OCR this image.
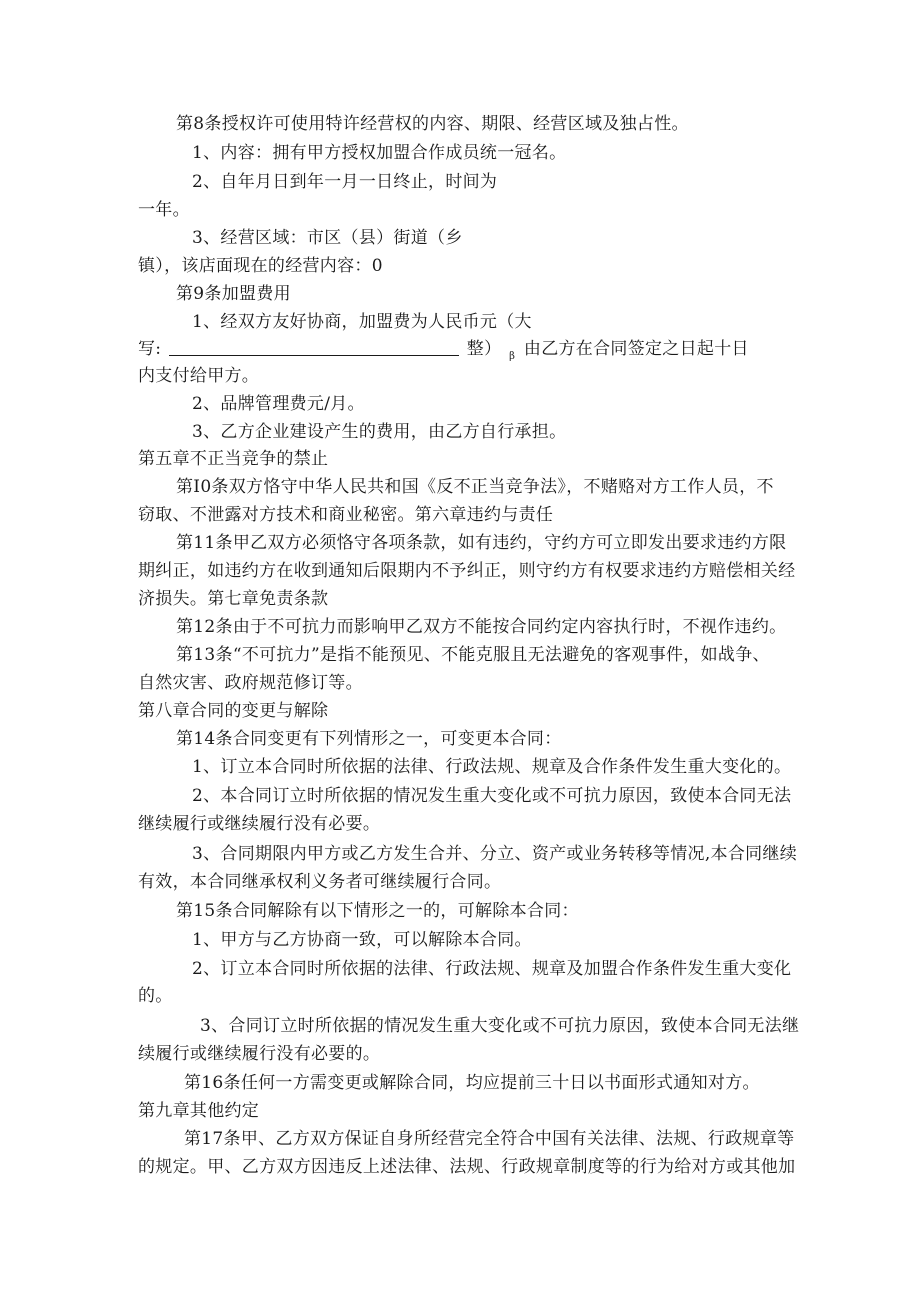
第8条授权许可使用特许经营权的内容、期限、经营区域及独占性。
1、内容：拥有甲方授权加盟合作成员统一冠名。
2、自年月日到年一月一日终止，时间为
一年。
3、经营区域：市区（县）街道（乡
镇），该店面现在的经营内容：0
第9条加盟费用
1、经双方友好协商，加盟费为人民币元（大
写:	整） $_\beta$ 由乙方在合同签定之日起十日
内支付给甲方。
2、品牌管理费元/月。
3、乙方企业建设产生的费用，由乙方自行承担。
第五章不正当竞争的禁止
第I0条双方恪守中华人民共和国《反不正当竞争法》，不赌赂对方工作人员，不
窃取、不泄露对方技术和商业秘密。第六章违约与责任
第11条甲乙双方必须恪守各项条款，如有违约，守约方可立即发出要求违约方限
期纠正，如违约方在收到通知后限期内不予纠正，则守约方有权要求违约方赔偿相关经
济损失。第七章免责条款
第12条由于不可抗力而影响甲乙双方不能按合同约定内容执行时，不视作违约。
第13条“不可抗力”是指不能预见、不能克服且无法避免的客观事件，如战争、
自然灾害、政府规范修订等。
第八章合同的变更与解除
第14条合同变更有下列情形之一，可变更本合同：
1、订立本合同时所依据的法律、行政法规、规章及合作条件发生重大变化的。
2、本合同订立时所依据的情况发生重大变化或不可抗力原因，致使本合同无法
继续履行或继续履行没有必要。
3、合同期限内甲方或乙方发生合并、分立、资产或业务转移等情况,本合同继续
有效，本合同继承权利义务者可继续履行合同。
第15条合同解除有以下情形之一的，可解除本合同：
1、甲方与乙方协商一致，可以解除本合同。
2、订立本合同时所依据的法律、行政法规、规章及加盟合作条件发生重大变化
的。
3、合同订立时所依据的情况发生重大变化或不可抗力原因，致使本合同无法继
续履行或继续履行没有必要的。
第16条任何一方需变更或解除合同，均应提前三十日以书面形式通知对方。
第九章其他约定
第17条甲、乙方双方保证自身所经营完全符合中国有关法律、法规、行政规章等
的规定。甲、乙方双方因违反上述法律、法规、行政规章制度等的行为给对方或其他加
